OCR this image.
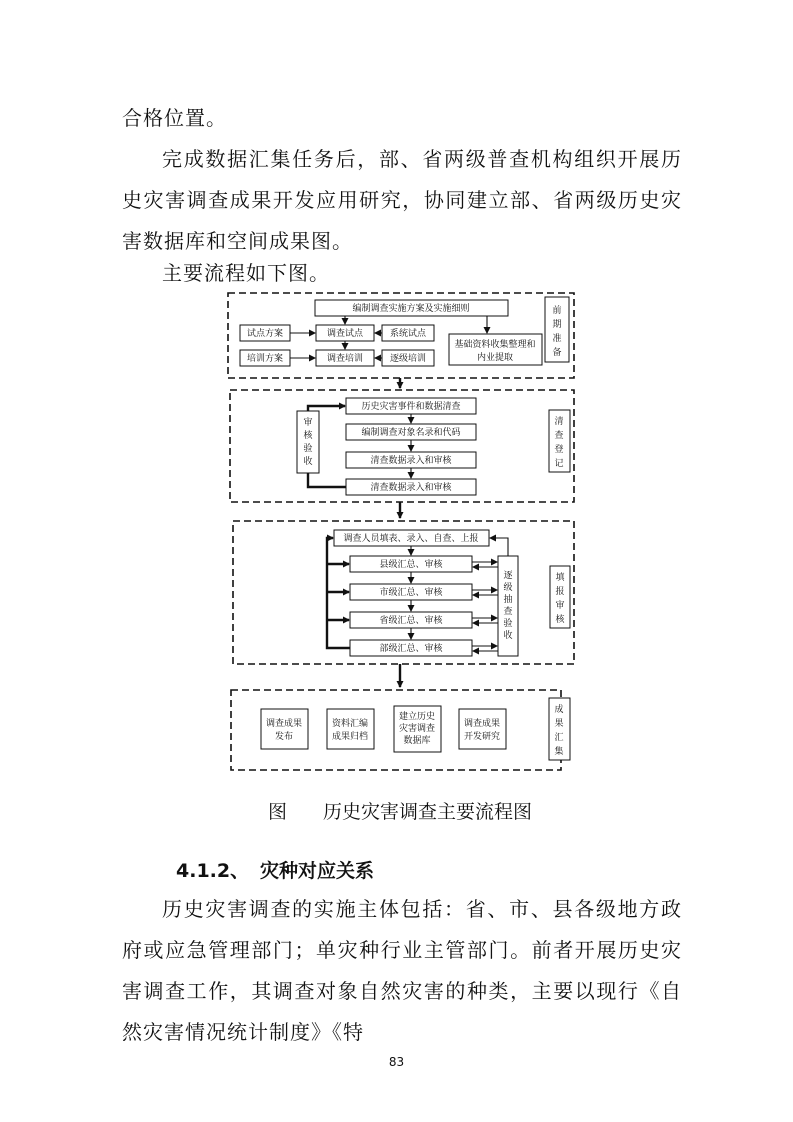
合格位置。

完成数据汇集任务后，部、省两级普查机构组织开展历史灾害调查成果开发应用研究，协同建立部、省两级历史灾害数据库和空间成果图。

主要流程如下图。

前
期
准
备
编制调查实施方案及实施细则
试点方案	调查试点	系统试点
培训方案	调查培训	逐级培训
基础资料收集整理和
内业提取
清
查
登
记
审
核
验
收
历史灾害事件和数据清查
编制调查对象名录和代码
清查数据录入和审核
清查数据录入和审核
填
报
审
核
调查人员填表、录入、自查、上报
县级汇总、审核
市级汇总、审核
省级汇总、审核
部级汇总、审核
逐
级
抽
查
验
收
成
果
汇
集
调查成果
发布
资料汇编
成果归档
建立历史
灾害调查
数据库
调查成果
开发研究
图 历史灾害调查主要流程图
4.1.2、 灾种对应关系

历史灾害调查的实施主体包括：省、市、县各级地方政府或应急管理部门；单灾种行业主管部门。前者开展历史灾害调查工作，其调查对象自然灾害的种类，主要以现行《自然灾害情况统计制度》《特

83
